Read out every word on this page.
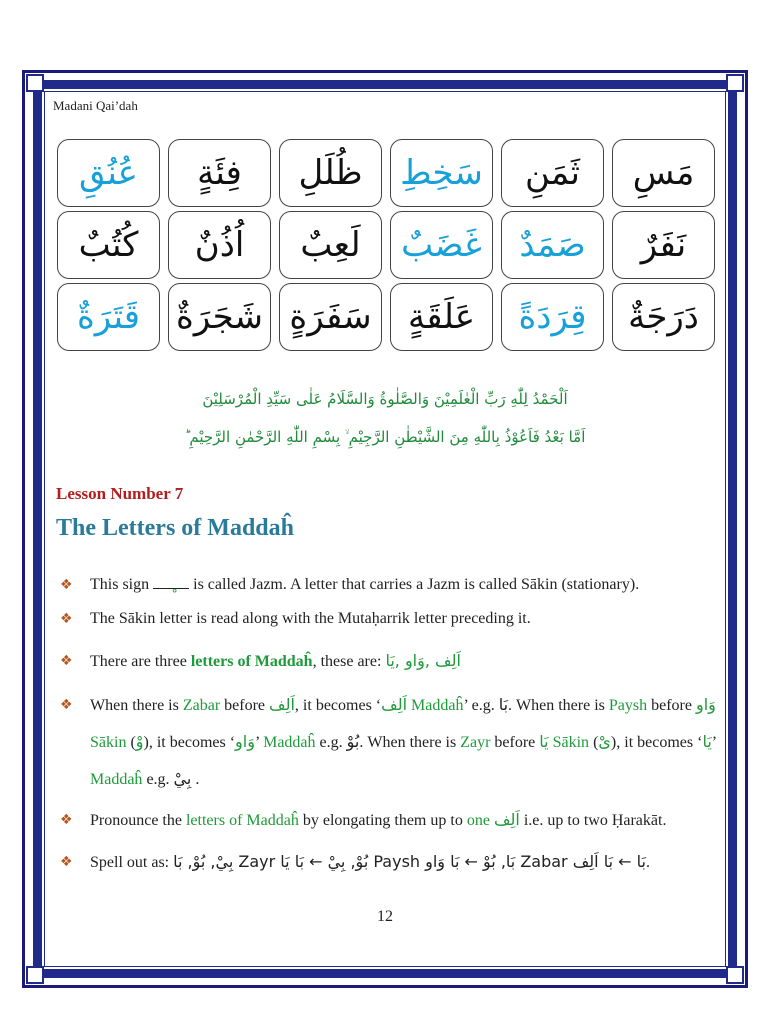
Madani Qai’dah
مَسِ
ثَمَنِ
سَخِطِ
ظُلَلِ
فِئَةٍ
عُنُقِ
نَفَرٌ
صَمَدٌ
غَضَبٌ
لَعِبٌ
اُذُنٌ
كُتُبٌ
دَرَجَةٌ
قِرَدَةً
عَلَقَةٍ
سَفَرَةٍ
شَجَرَةٌ
قَتَرَةٌ
اَلْحَمْدُ لِلّٰهِ رَبِّ الْعٰلَمِيْنَ وَالصَّلٰوةُ وَالسَّلَامُ عَلٰى سَيِّدِ الْمُرْسَلِيْنَ
اَمَّا بَعْدُ فَاَعُوْذُ بِاللّٰهِ مِنَ الشَّيْطٰنِ الرَّجِيْمِ ۙ بِسْمِ اللّٰهِ الرَّحْمٰنِ الرَّحِيْمِ ؕ
Lesson Number 7
The Letters of Maddaĥ
❖ This sign
is called Jazm. A letter that carries a Jazm is called Sākin (stationary).
❖ The Sākin letter is read along with the Mutaḥarrik letter preceding it.
❖ There are three letters of Maddaĥ, these are: اَلِف ,وَاو ,يَا
❖ When there is Zabar before اَلِف, it becomes ‘اَلِف Maddaĥ’ e.g. بَا. When there is Paysh before وَاو Sākin (وْ), it becomes ‘وَاو’ Maddaĥ e.g. بُوْ. When there is Zayr before يَا Sākin (ىْ), it becomes ‘يَا’ Maddaĥ e.g. بِيْ .
❖ Pronounce the letters of Maddaĥ by elongating them up to one اَلِف i.e. up to two Ḥarakāt.
❖ Spell out as: بَا ← بَا اَلِف Zabar بَا, بُوْ ← بَا وَاو Paysh بُوْ, بِيْ ← بَا يَا Zayr بِيْ, بُوْ, بَا.
12
